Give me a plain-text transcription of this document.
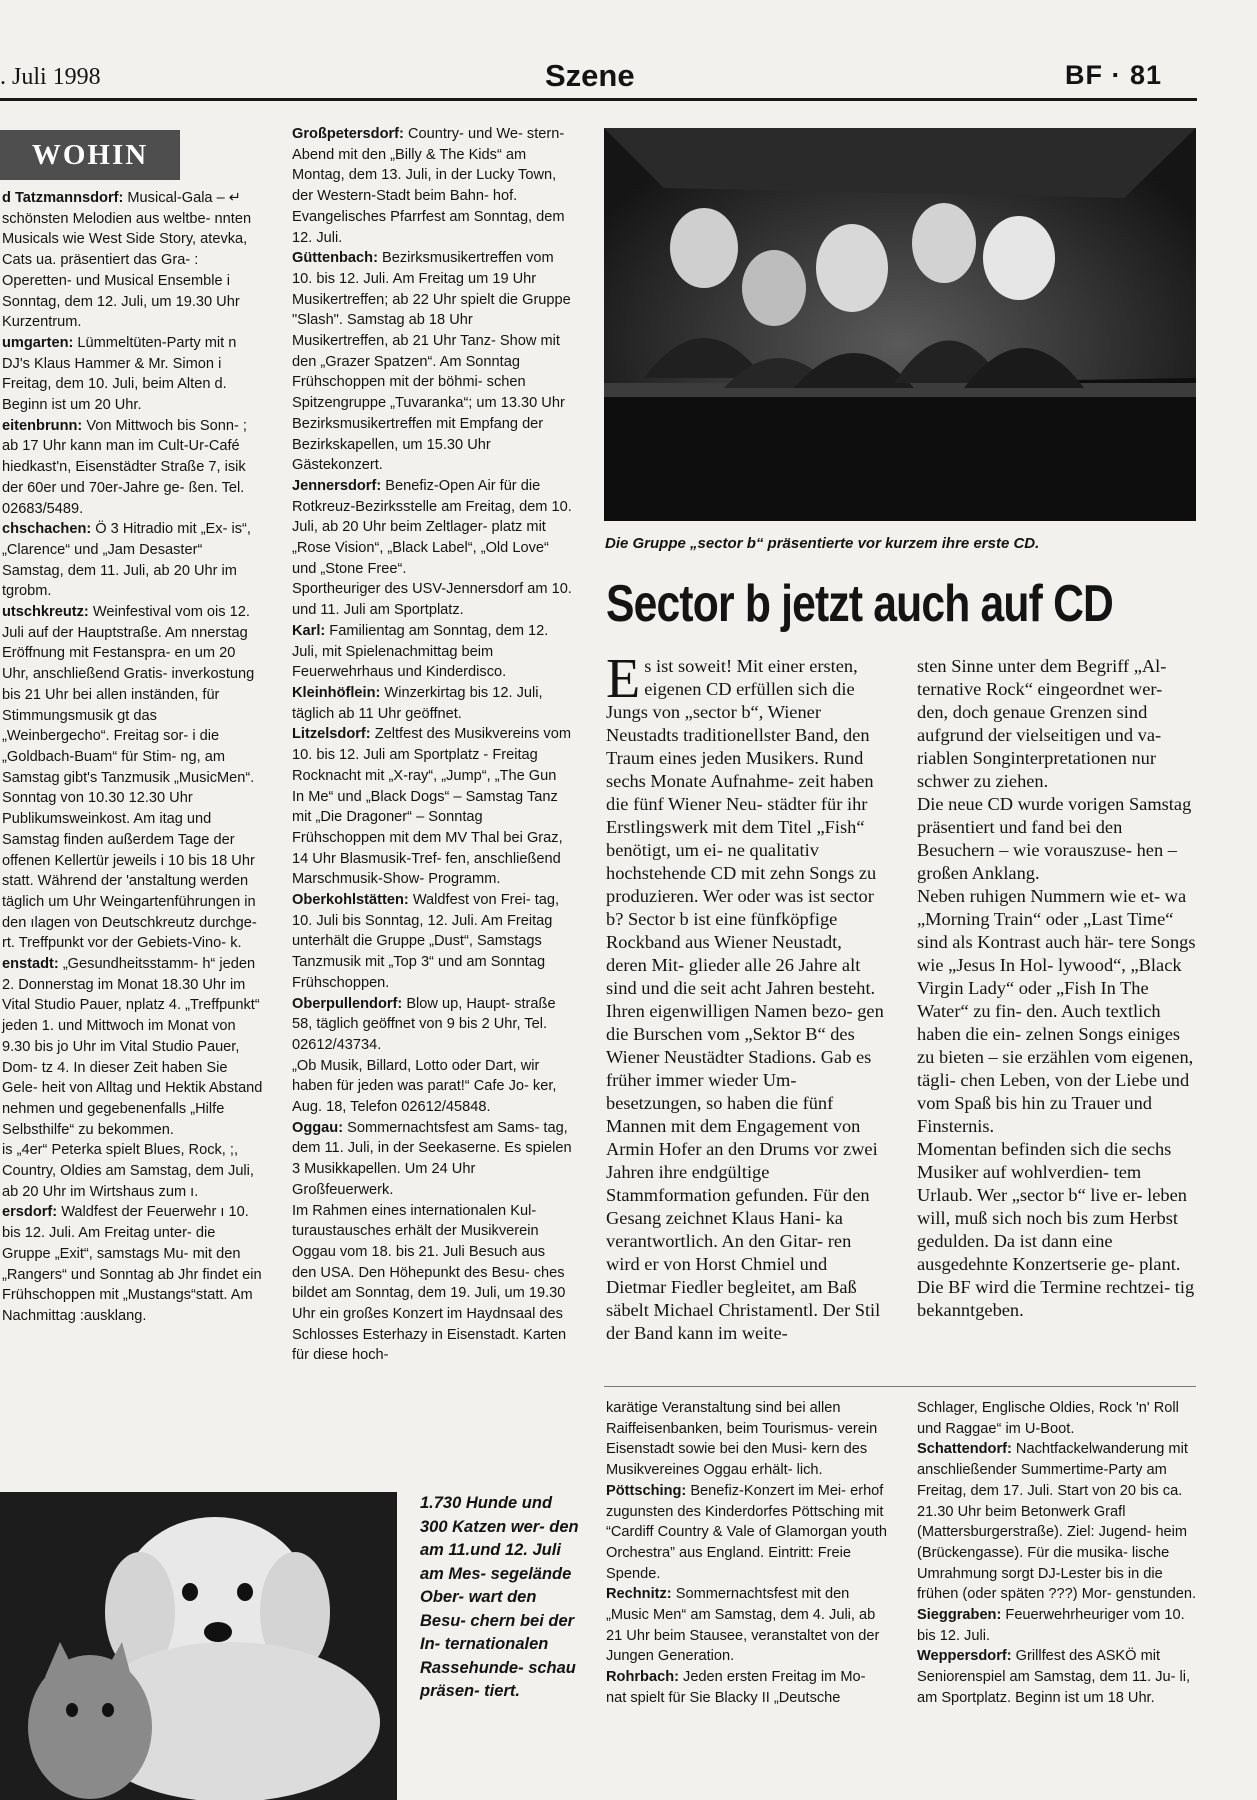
. Juli 1998	Szene	BF · 81
WOHIN

d Tatzmannsdorf: Musical-Gala – ↵ schönsten Melodien aus weltbe- nnten Musicals wie West Side Story, atevka, Cats ua. präsentiert das Gra- : Operetten- und Musical Ensemble i Sonntag, dem 12. Juli, um 19.30 Uhr Kurzentrum.

umgarten: Lümmeltüten-Party mit n DJ's Klaus Hammer & Mr. Simon i Freitag, dem 10. Juli, beim Alten d. Beginn ist um 20 Uhr.

eitenbrunn: Von Mittwoch bis Sonn- ; ab 17 Uhr kann man im Cult-Ur-Café hiedkast'n, Eisenstädter Straße 7, isik der 60er und 70er-Jahre ge- ßen. Tel. 02683/5489.

chschachen: Ö 3 Hitradio mit „Ex- is“, „Clarence“ und „Jam Desaster“ Samstag, dem 11. Juli, ab 20 Uhr im tgrobm.

utschkreutz: Weinfestival vom ois 12. Juli auf der Hauptstraße. Am nnerstag Eröffnung mit Festanspra- en um 20 Uhr, anschließend Gratis- inverkostung bis 21 Uhr bei allen inständen, für Stimmungsmusik gt das „Weinbergecho“. Freitag sor- i die „Goldbach-Buam“ für Stim- ng, am Samstag gibt's Tanzmusik „MusicMen“. Sonntag von 10.30 12.30 Uhr Publikumsweinkost. Am itag und Samstag finden außerdem Tage der offenen Kellertür jeweils i 10 bis 18 Uhr statt. Während der 'anstaltung werden täglich um Uhr Weingartenführungen in den ılagen von Deutschkreutz durchge- rt. Treffpunkt vor der Gebiets-Vino- k.

enstadt: „Gesundheitsstamm- h“ jeden 2. Donnerstag im Monat 18.30 Uhr im Vital Studio Pauer, nplatz 4. „Treffpunkt“ jeden 1. und Mittwoch im Monat von 9.30 bis jo Uhr im Vital Studio Pauer, Dom- tz 4. In dieser Zeit haben Sie Gele- heit von Alltag und Hektik Abstand nehmen und gegebenenfalls „Hilfe Selbsthilfe“ zu bekommen.

is „4er“ Peterka spielt Blues, Rock, ;, Country, Oldies am Samstag, dem Juli, ab 20 Uhr im Wirtshaus zum ı.

ersdorf: Waldfest der Feuerwehr ı 10. bis 12. Juli. Am Freitag unter- die Gruppe „Exit“, samstags Mu- mit den „Rangers“ und Sonntag ab Jhr findet ein Frühschoppen mit „Mustangs“statt. Am Nachmittag :ausklang.

Großpetersdorf: Country- und We- stern-Abend mit den „Billy & The Kids“ am Montag, dem 13. Juli, in der Lucky Town, der Western-Stadt beim Bahn- hof.

Evangelisches Pfarrfest am Sonntag, dem 12. Juli.

Güttenbach: Bezirksmusikertreffen vom 10. bis 12. Juli. Am Freitag um 19 Uhr Musikertreffen; ab 22 Uhr spielt die Gruppe "Slash". Samstag ab 18 Uhr Musikertreffen, ab 21 Uhr Tanz- Show mit den „Grazer Spatzen“. Am Sonntag Frühschoppen mit der böhmi- schen Spitzengruppe „Tuvaranka“; um 13.30 Uhr Bezirksmusikertreffen mit Empfang der Bezirkskapellen, um 15.30 Uhr Gästekonzert.

Jennersdorf: Benefiz-Open Air für die Rotkreuz-Bezirksstelle am Freitag, dem 10. Juli, ab 20 Uhr beim Zeltlager- platz mit „Rose Vision“, „Black Label“, „Old Love“ und „Stone Free“.

Sportheuriger des USV-Jennersdorf am 10. und 11. Juli am Sportplatz.

Karl: Familientag am Sonntag, dem 12. Juli, mit Spielenachmittag beim Feuerwehrhaus und Kinderdisco.

Kleinhöflein: Winzerkirtag bis 12. Juli, täglich ab 11 Uhr geöffnet.

Litzelsdorf: Zeltfest des Musikvereins vom 10. bis 12. Juli am Sportplatz - Freitag Rocknacht mit „X-ray“, „Jump“, „The Gun In Me“ und „Black Dogs“ – Samstag Tanz mit „Die Dragoner“ – Sonntag Frühschoppen mit dem MV Thal bei Graz, 14 Uhr Blasmusik-Tref- fen, anschließend Marschmusik-Show- Programm.

Oberkohlstätten: Waldfest von Frei- tag, 10. Juli bis Sonntag, 12. Juli. Am Freitag unterhält die Gruppe „Dust“, Samstags Tanzmusik mit „Top 3“ und am Sonntag Frühschoppen.

Oberpullendorf: Blow up, Haupt- straße 58, täglich geöffnet von 9 bis 2 Uhr, Tel. 02612/43734.

„Ob Musik, Billard, Lotto oder Dart, wir haben für jeden was parat!“ Cafe Jo- ker, Aug. 18, Telefon 02612/45848.

Oggau: Sommernachtsfest am Sams- tag, dem 11. Juli, in der Seekaserne. Es spielen 3 Musikkapellen. Um 24 Uhr Großfeuerwerk.

Im Rahmen eines internationalen Kul- turaustausches erhält der Musikverein Oggau vom 18. bis 21. Juli Besuch aus den USA. Den Höhepunkt des Besu- ches bildet am Sonntag, dem 19. Juli, um 19.30 Uhr ein großes Konzert im Haydnsaal des Schlosses Esterhazy in Eisenstadt. Karten für diese hoch-

Die Gruppe „sector b“ präsentierte vor kurzem ihre erste CD.
Sector b jetzt auch auf CD

Es ist soweit! Mit einer ersten, eigenen CD erfüllen sich die Jungs von „sector b“, Wiener Neustadts traditionellster Band, den Traum eines jeden Musikers. Rund sechs Monate Aufnahme- zeit haben die fünf Wiener Neu- städter für ihr Erstlingswerk mit dem Titel „Fish“ benötigt, um ei- ne qualitativ hochstehende CD mit zehn Songs zu produzieren. Wer oder was ist sector b? Sector b ist eine fünfköpfige Rockband aus Wiener Neustadt, deren Mit- glieder alle 26 Jahre alt sind und die seit acht Jahren besteht. Ihren eigenwilligen Namen bezo- gen die Burschen vom „Sektor B“ des Wiener Neustädter Stadions. Gab es früher immer wieder Um- besetzungen, so haben die fünf Mannen mit dem Engagement von Armin Hofer an den Drums vor zwei Jahren ihre endgültige Stammformation gefunden. Für den Gesang zeichnet Klaus Hani- ka verantwortlich. An den Gitar- ren wird er von Horst Chmiel und Dietmar Fiedler begleitet, am Baß säbelt Michael Christamentl. Der Stil der Band kann im weite-

sten Sinne unter dem Begriff „Al- ternative Rock“ eingeordnet wer- den, doch genaue Grenzen sind aufgrund der vielseitigen und va- riablen Songinterpretationen nur schwer zu ziehen.

Die neue CD wurde vorigen Samstag präsentiert und fand bei den Besuchern – wie vorauszuse- hen – großen Anklang.

Neben ruhigen Nummern wie et- wa „Morning Train“ oder „Last Time“ sind als Kontrast auch här- tere Songs wie „Jesus In Hol- lywood“, „Black Virgin Lady“ oder „Fish In The Water“ zu fin- den. Auch textlich haben die ein- zelnen Songs einiges zu bieten – sie erzählen vom eigenen, tägli- chen Leben, von der Liebe und vom Spaß bis hin zu Trauer und Finsternis.

Momentan befinden sich die sechs Musiker auf wohlverdien- tem Urlaub. Wer „sector b“ live er- leben will, muß sich noch bis zum Herbst gedulden. Da ist dann eine ausgedehnte Konzertserie ge- plant.

Die BF wird die Termine rechtzei- tig bekanntgeben.

karätige Veranstaltung sind bei allen Raiffeisenbanken, beim Tourismus- verein Eisenstadt sowie bei den Musi- kern des Musikvereines Oggau erhält- lich.

Pöttsching: Benefiz-Konzert im Mei- erhof zugunsten des Kinderdorfes Pöttsching mit “Cardiff Country & Vale of Glamorgan youth Orchestra” aus England. Eintritt: Freie Spende.

Rechnitz: Sommernachtsfest mit den „Music Men“ am Samstag, dem 4. Juli, ab 21 Uhr beim Stausee, veranstaltet von der Jungen Generation.

Rohrbach: Jeden ersten Freitag im Mo- nat spielt für Sie Blacky II „Deutsche

Schlager, Englische Oldies, Rock 'n' Roll und Raggae“ im U-Boot.

Schattendorf: Nachtfackelwanderung mit anschließender Summertime-Party am Freitag, dem 17. Juli. Start von 20 bis ca. 21.30 Uhr beim Betonwerk Grafl (Mattersburgerstraße). Ziel: Jugend- heim (Brückengasse). Für die musika- lische Umrahmung sorgt DJ-Lester bis in die frühen (oder späten ???) Mor- genstunden.

Sieggraben: Feuerwehrheuriger vom 10. bis 12. Juli.

Weppersdorf: Grillfest des ASKÖ mit Seniorenspiel am Samstag, dem 11. Ju- li, am Sportplatz. Beginn ist um 18 Uhr.

1.730 Hunde und 300 Katzen wer- den am 11.und 12. Juli am Mes- segelände Ober- wart den Besu- chern bei der In- ternationalen Rassehunde- schau präsen- tiert.
